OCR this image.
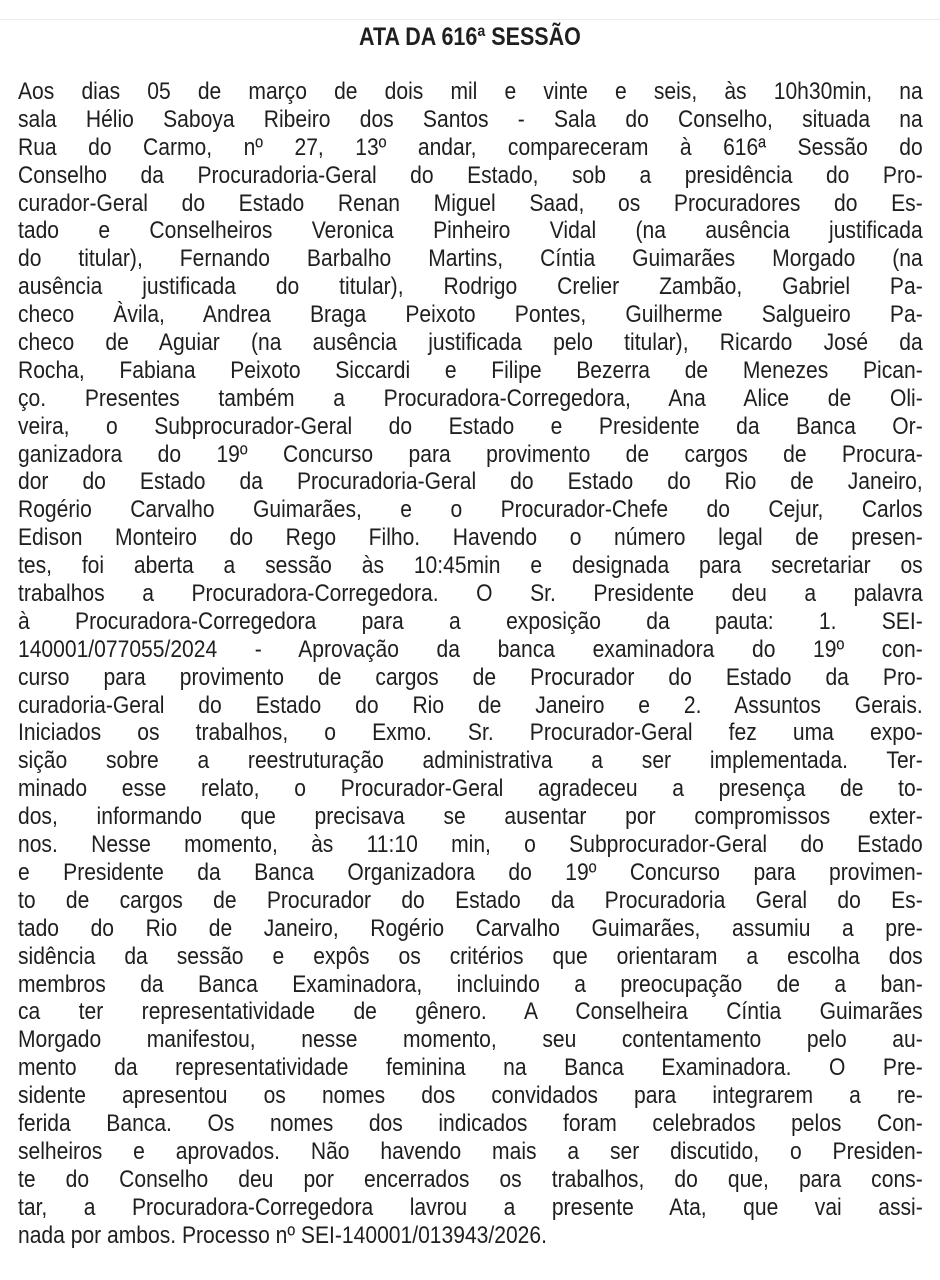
ATA DA 616ª SESSÃO
Aos dias 05 de março de dois mil e vinte e seis, às 10h30min, na
sala Hélio Saboya Ribeiro dos Santos - Sala do Conselho, situada na
Rua do Carmo, nº 27, 13º andar, compareceram à 616ª Sessão do
Conselho da Procuradoria-Geral do Estado, sob a presidência do Pro-
curador-Geral do Estado Renan Miguel Saad, os Procuradores do Es-
tado e Conselheiros Veronica Pinheiro Vidal (na ausência justificada
do titular), Fernando Barbalho Martins, Cíntia Guimarães Morgado (na
ausência justificada do titular), Rodrigo Crelier Zambão, Gabriel Pa-
checo Àvila, Andrea Braga Peixoto Pontes, Guilherme Salgueiro Pa-
checo de Aguiar (na ausência justificada pelo titular), Ricardo José da
Rocha, Fabiana Peixoto Siccardi e Filipe Bezerra de Menezes Pican-
ço. Presentes também a Procuradora-Corregedora, Ana Alice de Oli-
veira, o Subprocurador-Geral do Estado e Presidente da Banca Or-
ganizadora do 19º Concurso para provimento de cargos de Procura-
dor do Estado da Procuradoria-Geral do Estado do Rio de Janeiro,
Rogério Carvalho Guimarães, e o Procurador-Chefe do Cejur, Carlos
Edison Monteiro do Rego Filho. Havendo o número legal de presen-
tes, foi aberta a sessão às 10:45min e designada para secretariar os
trabalhos a Procuradora-Corregedora. O Sr. Presidente deu a palavra
à Procuradora-Corregedora para a exposição da pauta: 1. SEI-
140001/077055/2024 - Aprovação da banca examinadora do 19º con-
curso para provimento de cargos de Procurador do Estado da Pro-
curadoria-Geral do Estado do Rio de Janeiro e 2. Assuntos Gerais.
Iniciados os trabalhos, o Exmo. Sr. Procurador-Geral fez uma expo-
sição sobre a reestruturação administrativa a ser implementada. Ter-
minado esse relato, o Procurador-Geral agradeceu a presença de to-
dos, informando que precisava se ausentar por compromissos exter-
nos. Nesse momento, às 11:10 min, o Subprocurador-Geral do Estado
e Presidente da Banca Organizadora do 19º Concurso para provimen-
to de cargos de Procurador do Estado da Procuradoria Geral do Es-
tado do Rio de Janeiro, Rogério Carvalho Guimarães, assumiu a pre-
sidência da sessão e expôs os critérios que orientaram a escolha dos
membros da Banca Examinadora, incluindo a preocupação de a ban-
ca ter representatividade de gênero. A Conselheira Cíntia Guimarães
Morgado manifestou, nesse momento, seu contentamento pelo au-
mento da representatividade feminina na Banca Examinadora. O Pre-
sidente apresentou os nomes dos convidados para integrarem a re-
ferida Banca. Os nomes dos indicados foram celebrados pelos Con-
selheiros e aprovados. Não havendo mais a ser discutido, o Presiden-
te do Conselho deu por encerrados os trabalhos, do que, para cons-
tar, a Procuradora-Corregedora lavrou a presente Ata, que vai assi-
nada por ambos. Processo nº SEI-140001/013943/2026.
